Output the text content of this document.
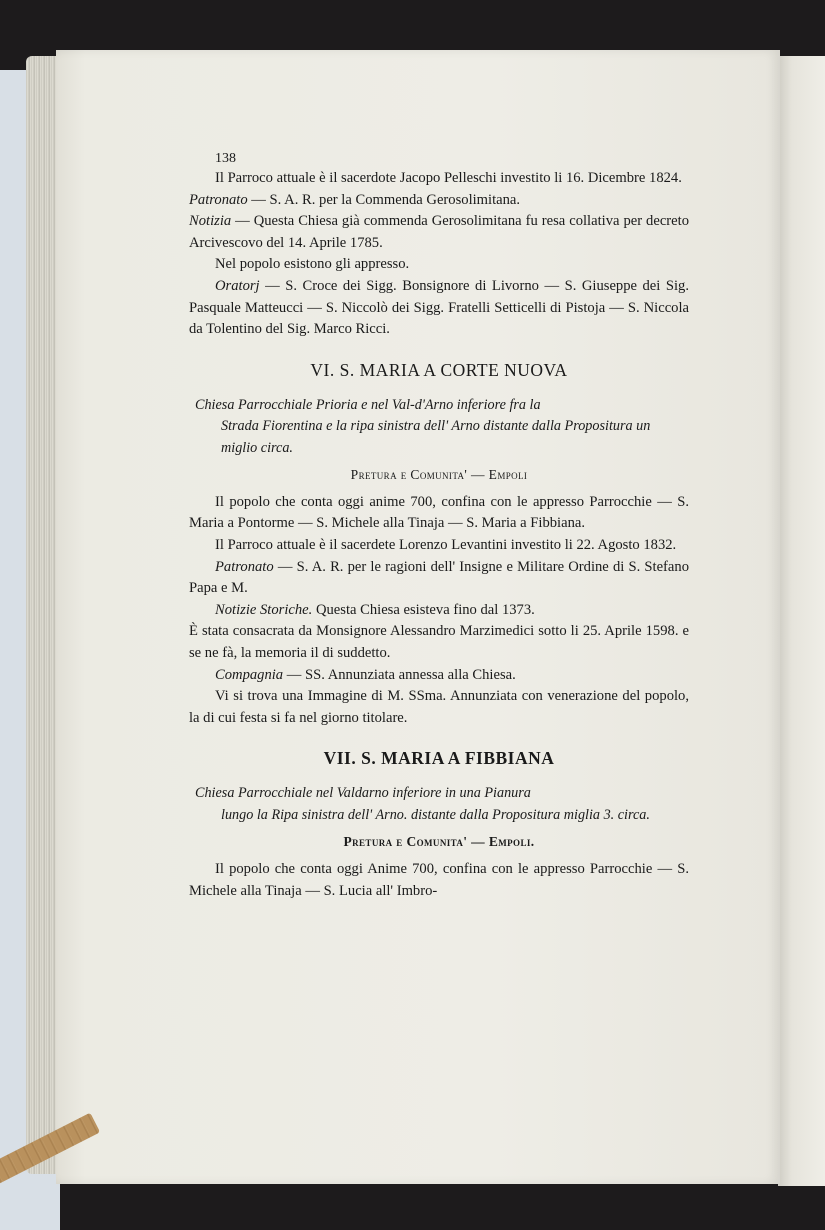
138

Il Parroco attuale è il sacerdote Jacopo Pelleschi investito li 16. Dicembre 1824.

Patronato — S. A. R. per la Commenda Gerosolimitana.

Notizia — Questa Chiesa già commenda Gerosolimitana fu resa collativa per decreto Arcivescovo del 14. Aprile 1785.

Nel popolo esistono gli appresso.

Oratorj — S. Croce dei Sigg. Bonsignore di Livorno — S. Giuseppe dei Sig. Pasquale Matteucci — S. Niccolò dei Sigg. Fratelli Setticelli di Pistoja — S. Niccola da Tolentino del Sig. Marco Ricci.

VI. S. MARIA A CORTE NUOVA
Chiesa Parrocchiale Prioria e nel Val-d'Arno inferiore fra la
Strada Fiorentina e la ripa sinistra dell' Arno distante dalla Propositura un miglio circa.
Pretura e Comunita' — Empoli

Il popolo che conta oggi anime 700, confina con le appresso Parrocchie — S. Maria a Pontorme — S. Michele alla Tinaja — S. Maria a Fibbiana.

Il Parroco attuale è il sacerdete Lorenzo Levantini investito li 22. Agosto 1832.

Patronato — S. A. R. per le ragioni dell' Insigne e Militare Ordine di S. Stefano Papa e M.

Notizie Storiche. Questa Chiesa esisteva fino dal 1373.

È stata consacrata da Monsignore Alessandro Marzimedici sotto li 25. Aprile 1598. e se ne fà, la memoria il di suddetto.

Compagnia — SS. Annunziata annessa alla Chiesa.

Vi si trova una Immagine di M. SSma. Annunziata con venerazione del popolo, la di cui festa si fa nel giorno titolare.

VII. S. MARIA A FIBBIANA
Chiesa Parrocchiale nel Valdarno inferiore in una Pianura
lungo la Ripa sinistra dell' Arno. distante dalla Propositura miglia 3. circa.
Pretura e Comunita' — Empoli.

Il popolo che conta oggi Anime 700, confina con le appresso Parrocchie — S. Michele alla Tinaja — S. Lucia all' Imbro-
